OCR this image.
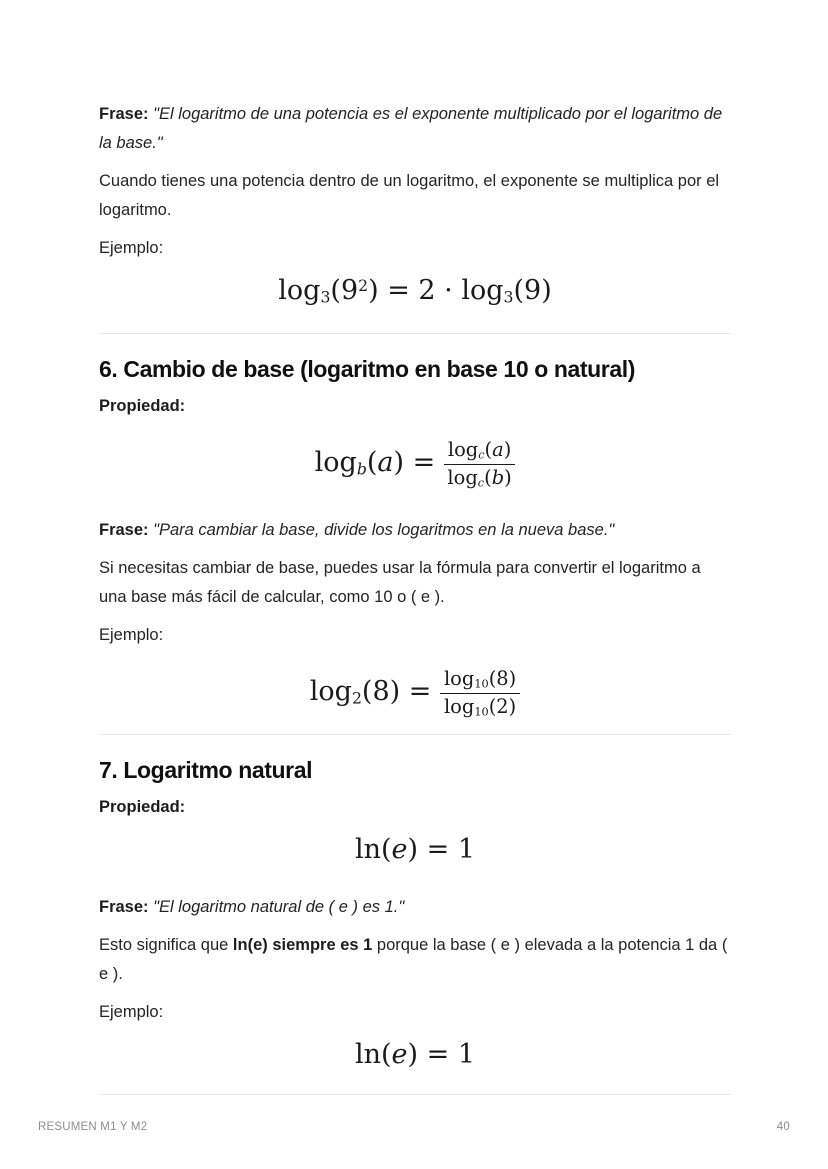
Frase: "El logaritmo de una potencia es el exponente multiplicado por el logaritmo de la base."

Cuando tienes una potencia dentro de un logaritmo, el exponente se multiplica por el logaritmo.

Ejemplo:

$\log_3(9^2) = 2 \cdot \log_3(9)$
6. Cambio de base (logaritmo en base 10 o natural)

Propiedad:

$\log_b(a) = \frac{\log_c(a)}{\log_c(b)}$

Frase: "Para cambiar la base, divide los logaritmos en la nueva base."

Si necesitas cambiar de base, puedes usar la fórmula para convertir el logaritmo a una base más fácil de calcular, como 10 o ( e ).

Ejemplo:

$\log_2(8) = \frac{\log_{10}(8)}{\log_{10}(2)}$
7. Logaritmo natural

Propiedad:

ln(e) = 1

Frase: "El logaritmo natural de ( e ) es 1."

Esto significa que ln(e) siempre es 1 porque la base ( e ) elevada a la potencia 1 da ( e ).

Ejemplo:

ln(e) = 1
RESUMEN M1 Y M2	40
